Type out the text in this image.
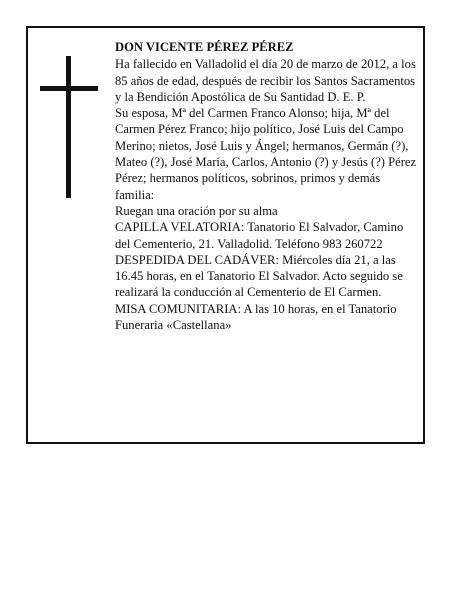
DON VICENTE PÉREZ PÉREZ

Ha fallecido en Valladolid el día 20 de marzo de 2012, a los 85 años de edad, después de recibir los Santos Sacramentos y la Bendición Apostólica de Su Santidad D. E. P.

Su esposa, Mª del Carmen Franco Alonso; hija, Mª del Carmen Pérez Franco; hijo político, José Luis del Campo Merino; nietos, José Luis y Ángel; hermanos, Germán (?), Mateo (?), José María, Carlos, Antonio (?) y Jesús (?) Pérez Pérez; hermanos políticos, sobrinos, primos y demás familia:

Ruegan una oración por su alma

CAPILLA VELATORIA: Tanatorio El Salvador, Camino del Cementerio, 21. Valladolid. Teléfono 983 260722

DESPEDIDA DEL CADÁVER: Miércoles día 21, a las 16.45 horas, en el Tanatorio El Salvador. Acto seguido se realizará la conducción al Cementerio de El Carmen.

MISA COMUNITARIA: A las 10 horas, en el Tanatorio

Funeraria «Castellana»
